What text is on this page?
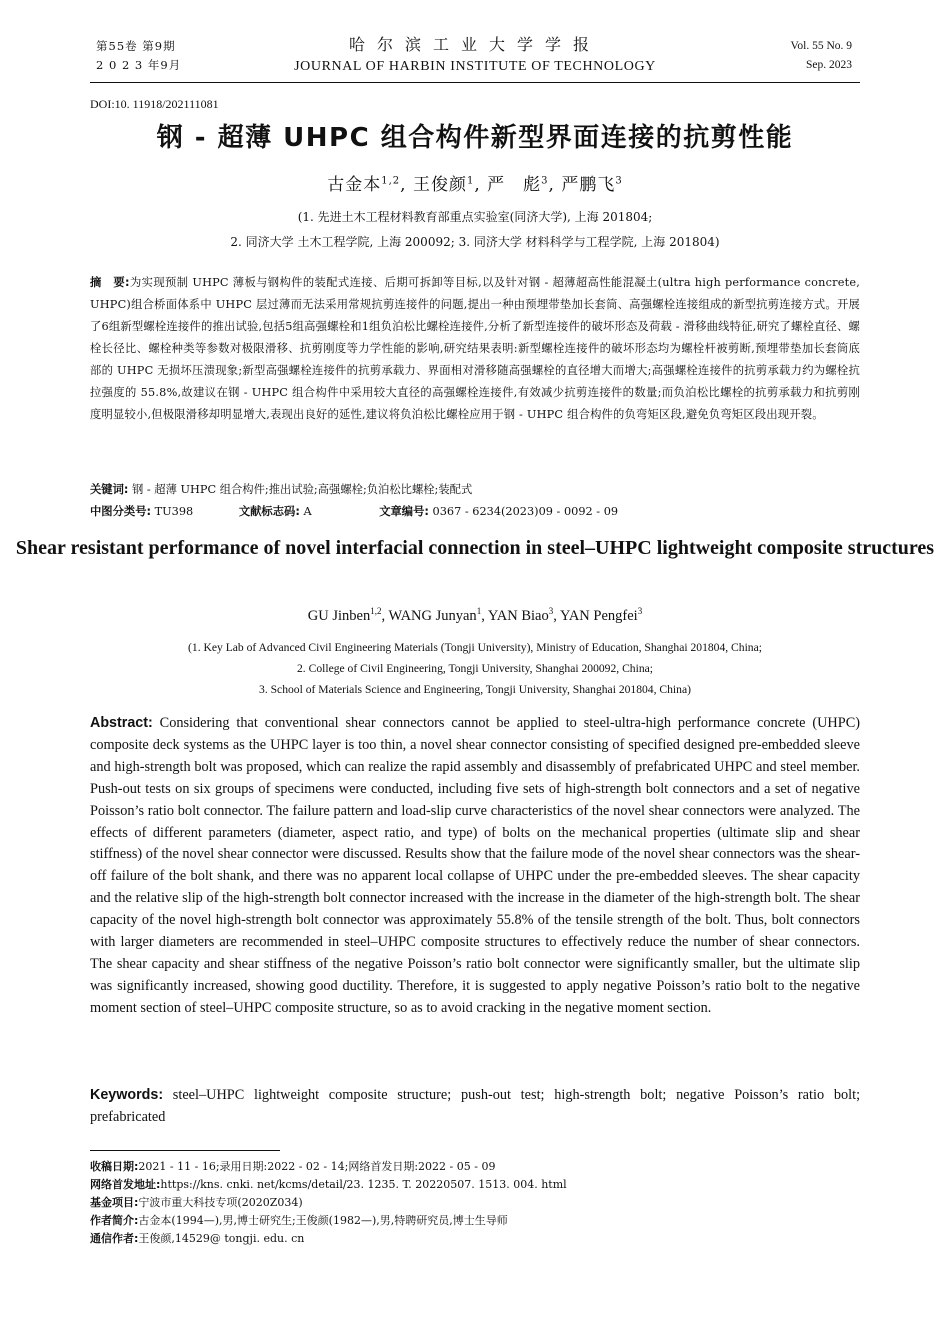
第55卷 第9期
2 0 2 3 年9月
哈尔滨工业大学学报
JOURNAL OF HARBIN INSTITUTE OF TECHNOLOGY
Vol. 55 No. 9
Sep. 2023
DOI:10. 11918/202111081
钢 - 超薄 UHPC 组合构件新型界面连接的抗剪性能
古金本$^{1,2}$, 王俊颜$^1$, 严　彪$^3$, 严鹏飞$^3$
(1. 先进土木工程材料教育部重点实验室(同济大学), 上海 201804;
2. 同济大学 土木工程学院, 上海 200092; 3. 同济大学 材料科学与工程学院, 上海 201804)
摘　要:为实现预制 UHPC 薄板与钢构件的装配式连接、后期可拆卸等目标,以及针对钢 - 超薄超高性能混凝土(ultra high performance concrete, UHPC)组合桥面体系中 UHPC 层过薄而无法采用常规抗剪连接件的问题,提出一种由预埋带垫加长套筒、高强螺栓连接组成的新型抗剪连接方式。开展了6组新型螺栓连接件的推出试验,包括5组高强螺栓和1组负泊松比螺栓连接件,分析了新型连接件的破坏形态及荷载 - 滑移曲线特征,研究了螺栓直径、螺栓长径比、螺栓种类等参数对极限滑移、抗剪刚度等力学性能的影响,研究结果表明:新型螺栓连接件的破坏形态均为螺栓杆被剪断,预埋带垫加长套筒底部的 UHPC 无损坏压溃现象;新型高强螺栓连接件的抗剪承载力、界面相对滑移随高强螺栓的直径增大而增大;高强螺栓连接件的抗剪承载力约为螺栓抗拉强度的 55.8%,故建议在钢 - UHPC 组合构件中采用较大直径的高强螺栓连接件,有效减少抗剪连接件的数量;而负泊松比螺栓的抗剪承载力和抗剪刚度明显较小,但极限滑移却明显增大,表现出良好的延性,建议将负泊松比螺栓应用于钢 - UHPC 组合构件的负弯矩区段,避免负弯矩区段出现开裂。
关键词: 钢 - 超薄 UHPC 组合构件;推出试验;高强螺栓;负泊松比螺栓;装配式
中图分类号: TU398	文献标志码: A	文章编号: 0367 - 6234(2023)09 - 0092 - 09
Shear resistant performance of novel interfacial connection in steel–UHPC lightweight composite structures
GU Jinben$^{1,2}$, WANG Junyan$^1$, YAN Biao$^3$, YAN Pengfei$^3$
(1. Key Lab of Advanced Civil Engineering Materials (Tongji University), Ministry of Education, Shanghai 201804, China;
2. College of Civil Engineering, Tongji University, Shanghai 200092, China;
3. School of Materials Science and Engineering, Tongji University, Shanghai 201804, China)
Abstract: Considering that conventional shear connectors cannot be applied to steel-ultra-high performance concrete (UHPC) composite deck systems as the UHPC layer is too thin, a novel shear connector consisting of specified designed pre-embedded sleeve and high-strength bolt was proposed, which can realize the rapid assembly and disassembly of prefabricated UHPC and steel member. Push-out tests on six groups of specimens were conducted, including five sets of high-strength bolt connectors and a set of negative Poisson’s ratio bolt connector. The failure pattern and load-slip curve characteristics of the novel shear connectors were analyzed. The effects of different parameters (diameter, aspect ratio, and type) of bolts on the mechanical properties (ultimate slip and shear stiffness) of the novel shear connector were discussed. Results show that the failure mode of the novel shear connectors was the shear-off failure of the bolt shank, and there was no apparent local collapse of UHPC under the pre-embedded sleeves. The shear capacity and the relative slip of the high-strength bolt connector increased with the increase in the diameter of the high-strength bolt. The shear capacity of the novel high-strength bolt connector was approximately 55.8% of the tensile strength of the bolt. Thus, bolt connectors with larger diameters are recommended in steel–UHPC composite structures to effectively reduce the number of shear connectors. The shear capacity and shear stiffness of the negative Poisson’s ratio bolt connector were significantly smaller, but the ultimate slip was significantly increased, showing good ductility. Therefore, it is suggested to apply negative Poisson’s ratio bolt to the negative moment section of steel–UHPC composite structure, so as to avoid cracking in the negative moment section.
Keywords: steel–UHPC lightweight composite structure; push-out test; high-strength bolt; negative Poisson’s ratio bolt; prefabricated
收稿日期:2021 - 11 - 16;录用日期:2022 - 02 - 14;网络首发日期:2022 - 05 - 09
网络首发地址:https://kns. cnki. net/kcms/detail/23. 1235. T. 20220507. 1513. 004. html
基金项目:宁波市重大科技专项(2020Z034)
作者简介:古金本(1994—),男,博士研究生;王俊颜(1982—),男,特聘研究员,博士生导师
通信作者:王俊颜,14529@ tongji. edu. cn
